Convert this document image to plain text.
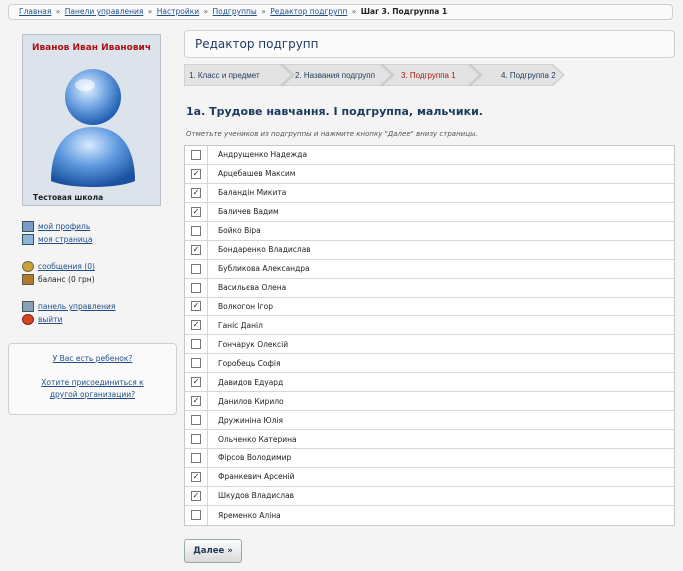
Главная » Панели управления » Настройки » Подгруппы » Редактор подгрупп » Шаг 3. Подгруппа 1
Иванов Иван Иванович
Тестовая школа
мой профиль
моя страница
сообщения (0)
баланс (0 грн)
панель управления
выйти
У Вас есть ребенок?
Хотите присоединиться к другой организации?
Редактор подгрупп
1. Класс и предмет	2. Названия подгрупп	3. Подгруппа 1	4. Подгруппа 2
1а. Трудове навчання. I подгруппа, мальчики.
Отметьте учеников из подгруппы и нажмите кнопку "Далее" внизу страницы.
Андрущенко Надежда
✓	Арцебашев Максим
✓	Баландін Микита
✓	Баличев Вадим
Бойко Віра
✓	Бондаренко Владислав
Бубликова Александра
Васильєва Олена
✓	Волкогон Ігор
✓	Ганіс Даніл
Гончарук Олексій
Горобець Софія
✓	Давидов Едуард
✓	Данилов Кирило
Дружиніна Юлія
Ольченко Катерина
Фірсов Володимир
✓	Франкевич Арсеній
✓	Шкудов Владислав
Яременко Аліна
Далее »
